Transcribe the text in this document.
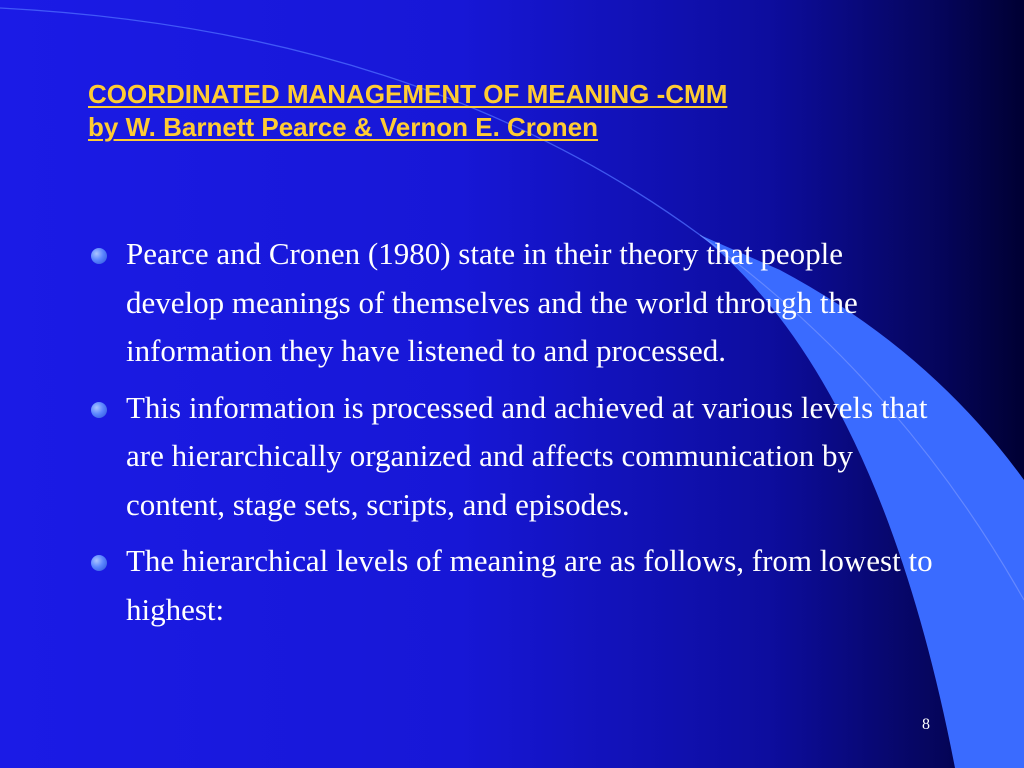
COORDINATED MANAGEMENT OF MEANING -CMM
by W. Barnett Pearce & Vernon E. Cronen
Pearce and Cronen (1980) state in their theory that people develop meanings of themselves and the world through the information they have listened to and processed.
This information is processed and achieved at various levels that are hierarchically organized and affects communication by content, stage sets, scripts, and episodes.
The hierarchical levels of meaning are as follows, from lowest to highest:
8
